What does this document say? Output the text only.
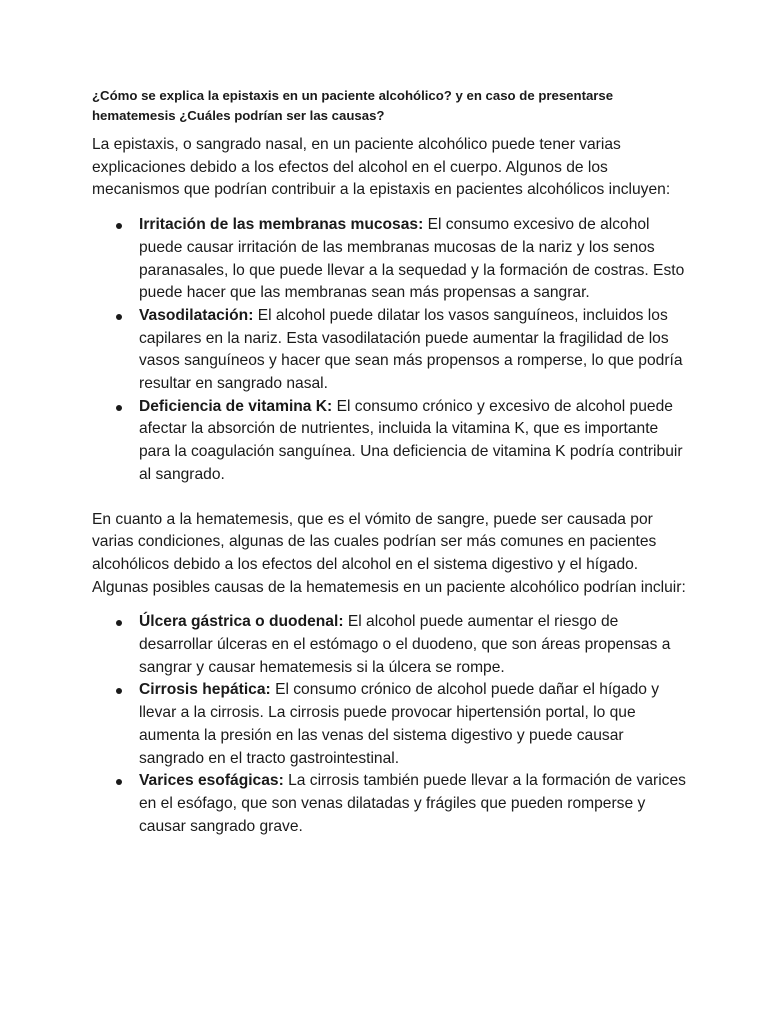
¿Cómo se explica la epistaxis en un paciente alcohólico? y en caso de presentarse hematemesis ¿Cuáles podrían ser las causas?

La epistaxis, o sangrado nasal, en un paciente alcohólico puede tener varias explicaciones debido a los efectos del alcohol en el cuerpo. Algunos de los mecanismos que podrían contribuir a la epistaxis en pacientes alcohólicos incluyen:

Irritación de las membranas mucosas: El consumo excesivo de alcohol puede causar irritación de las membranas mucosas de la nariz y los senos paranasales, lo que puede llevar a la sequedad y la formación de costras. Esto puede hacer que las membranas sean más propensas a sangrar.
Vasodilatación: El alcohol puede dilatar los vasos sanguíneos, incluidos los capilares en la nariz. Esta vasodilatación puede aumentar la fragilidad de los vasos sanguíneos y hacer que sean más propensos a romperse, lo que podría resultar en sangrado nasal.
Deficiencia de vitamina K: El consumo crónico y excesivo de alcohol puede afectar la absorción de nutrientes, incluida la vitamina K, que es importante para la coagulación sanguínea. Una deficiencia de vitamina K podría contribuir al sangrado.

En cuanto a la hematemesis, que es el vómito de sangre, puede ser causada por varias condiciones, algunas de las cuales podrían ser más comunes en pacientes alcohólicos debido a los efectos del alcohol en el sistema digestivo y el hígado. Algunas posibles causas de la hematemesis en un paciente alcohólico podrían incluir:

Úlcera gástrica o duodenal: El alcohol puede aumentar el riesgo de desarrollar úlceras en el estómago o el duodeno, que son áreas propensas a sangrar y causar hematemesis si la úlcera se rompe.
Cirrosis hepática: El consumo crónico de alcohol puede dañar el hígado y llevar a la cirrosis. La cirrosis puede provocar hipertensión portal, lo que aumenta la presión en las venas del sistema digestivo y puede causar sangrado en el tracto gastrointestinal.
Varices esofágicas: La cirrosis también puede llevar a la formación de varices en el esófago, que son venas dilatadas y frágiles que pueden romperse y causar sangrado grave.
